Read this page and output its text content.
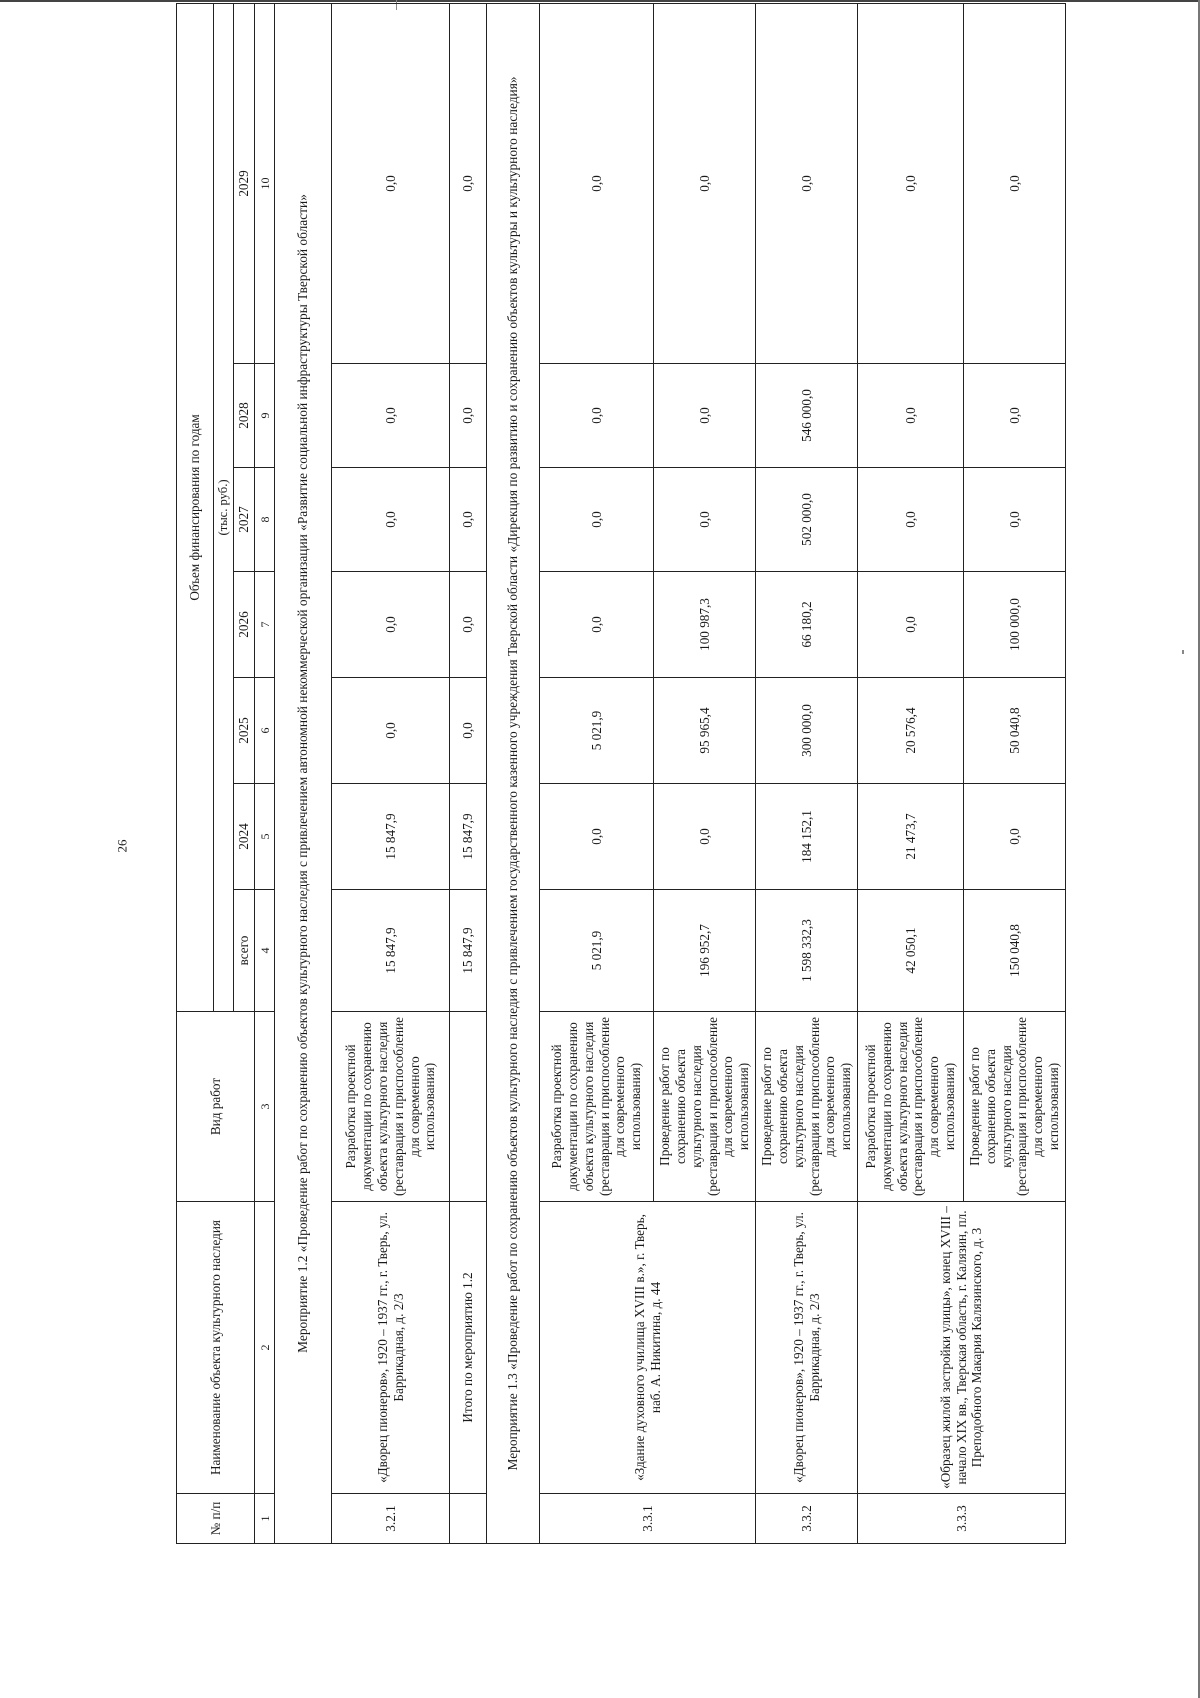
26
№ п/п	Наименование объекта культурного наследия	Вид работ	Объем финансирования по годам						
			(тыс. руб.)						
			всего	2024	2025	2026	2027	2028	2029
1	2	3	4	5	6	7	8	9	10
Мероприятие 1.2 «Проведение работ по сохранению объектов культурного наследия с привлечением автономной некоммерческой организации «Развитие социальной инфраструктуры Тверской области»									
3.2.1	«Дворец пионеров», 1920 – 1937 гг., г. Тверь, ул. Баррикадная, д. 2/3	Разработка проектной документации по сохранению объекта культурного наследия (реставрация и приспособление для современного использования)	15 847,9	15 847,9	0,0	0,0	0,0	0,0	0,0
	Итого по мероприятию 1.2		15 847,9	15 847,9	0,0	0,0	0,0	0,0	0,0
Мероприятие 1.3 «Проведение работ по сохранению объектов культурного наследия с привлечением государственного казенного учреждения Тверской области «Дирекция по развитию и сохранению объектов культуры и культурного наследия»									
3.3.1	«Здание духовного училища XVIII в.», г. Тверь, наб. А. Никитина, д. 44	Разработка проектной документации по сохранению объекта культурного наследия (реставрация и приспособление для современного использования)	5 021,9	0,0	5 021,9	0,0	0,0	0,0	0,0
		Проведение работ по сохранению объекта культурного наследия (реставрация и приспособление для современного использования)	196 952,7	0,0	95 965,4	100 987,3	0,0	0,0	0,0
3.3.2	«Дворец пионеров», 1920 – 1937 гг., г. Тверь, ул. Баррикадная, д. 2/3	Проведение работ по сохранению объекта культурного наследия (реставрация и приспособление для современного использования)	1 598 332,3	184 152,1	300 000,0	66 180,2	502 000,0	546 000,0	0,0
3.3.3	«Образец жилой застройки улицы», конец XVIII – начало XIX вв., Тверская область, г. Калязин, пл. Преподобного Макария Калязинского, д. 3	Разработка проектной документации по сохранению объекта культурного наследия (реставрация и приспособление для современного использования)	42 050,1	21 473,7	20 576,4	0,0	0,0	0,0	0,0
		Проведение работ по сохранению объекта культурного наследия (реставрация и приспособление для современного использования)	150 040,8	0,0	50 040,8	100 000,0	0,0	0,0	0,0
